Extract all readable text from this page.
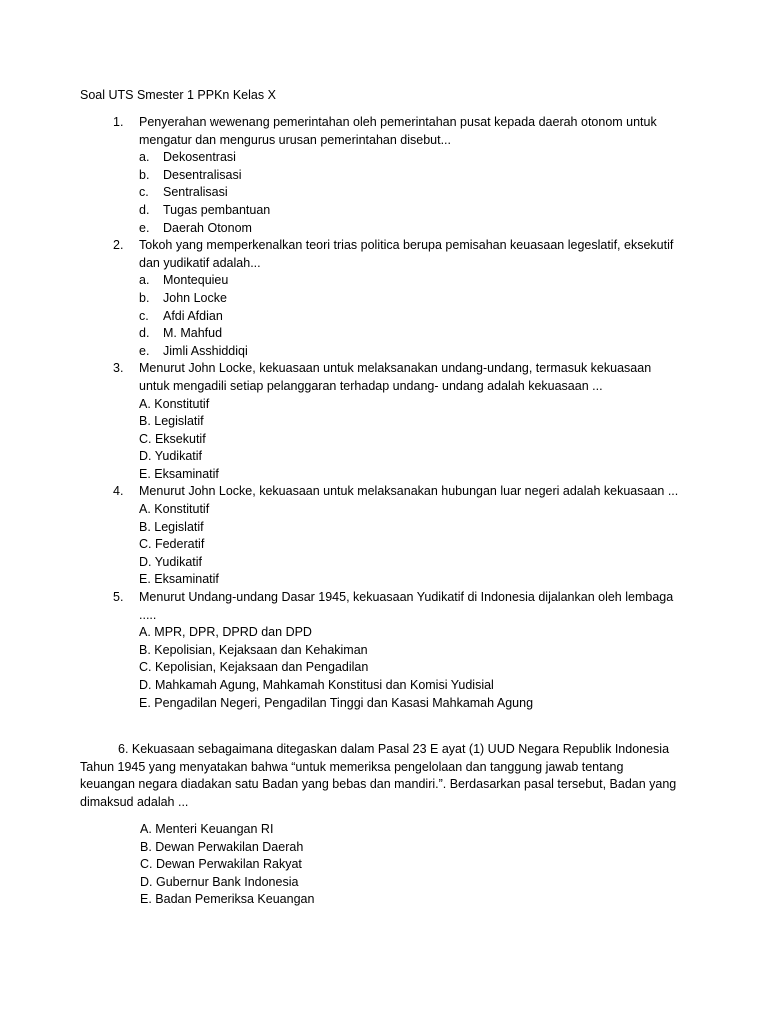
Soal UTS Smester 1 PPKn Kelas X
1.	Penyerahan wewenang pemerintahan oleh pemerintahan pusat kepada daerah otonom untuk mengatur dan mengurus urusan pemerintahan disebut...
a.	Dekosentrasi
b.	Desentralisasi
c.	Sentralisasi
d.	Tugas pembantuan
e.	Daerah Otonom
2.	Tokoh yang memperkenalkan teori trias politica berupa pemisahan keuasaan legeslatif, eksekutif dan yudikatif adalah...
a.	Montequieu
b.	John Locke
c.	Afdi Afdian
d.	M. Mahfud
e.	Jimli Asshiddiqi
3.	Menurut John Locke, kekuasaan untuk melaksanakan undang-undang, termasuk kekuasaan untuk mengadili setiap pelanggaran terhadap undang- undang adalah kekuasaan ...
A. Konstitutif
B. Legislatif
C. Eksekutif
D. Yudikatif
E. Eksaminatif
4.	Menurut John Locke, kekuasaan untuk melaksanakan hubungan luar negeri adalah kekuasaan ...
A. Konstitutif
B. Legislatif
C. Federatif
D. Yudikatif
E. Eksaminatif
5.	Menurut Undang-undang Dasar 1945, kekuasaan Yudikatif di Indonesia dijalankan oleh lembaga .....
A. MPR, DPR, DPRD dan DPD
B. Kepolisian, Kejaksaan dan Kehakiman
C. Kepolisian, Kejaksaan dan Pengadilan
D. Mahkamah Agung, Mahkamah Konstitusi dan Komisi Yudisial
E. Pengadilan Negeri, Pengadilan Tinggi dan Kasasi Mahkamah Agung
6. Kekuasaan sebagaimana ditegaskan dalam Pasal 23 E ayat (1) UUD Negara Republik Indonesia Tahun 1945 yang menyatakan bahwa “untuk memeriksa pengelolaan dan tanggung jawab tentang keuangan negara diadakan satu Badan yang bebas dan mandiri.”. Berdasarkan pasal tersebut, Badan yang dimaksud adalah ...
A. Menteri Keuangan RI
B. Dewan Perwakilan Daerah
C. Dewan Perwakilan Rakyat
D. Gubernur Bank Indonesia
E. Badan Pemeriksa Keuangan
